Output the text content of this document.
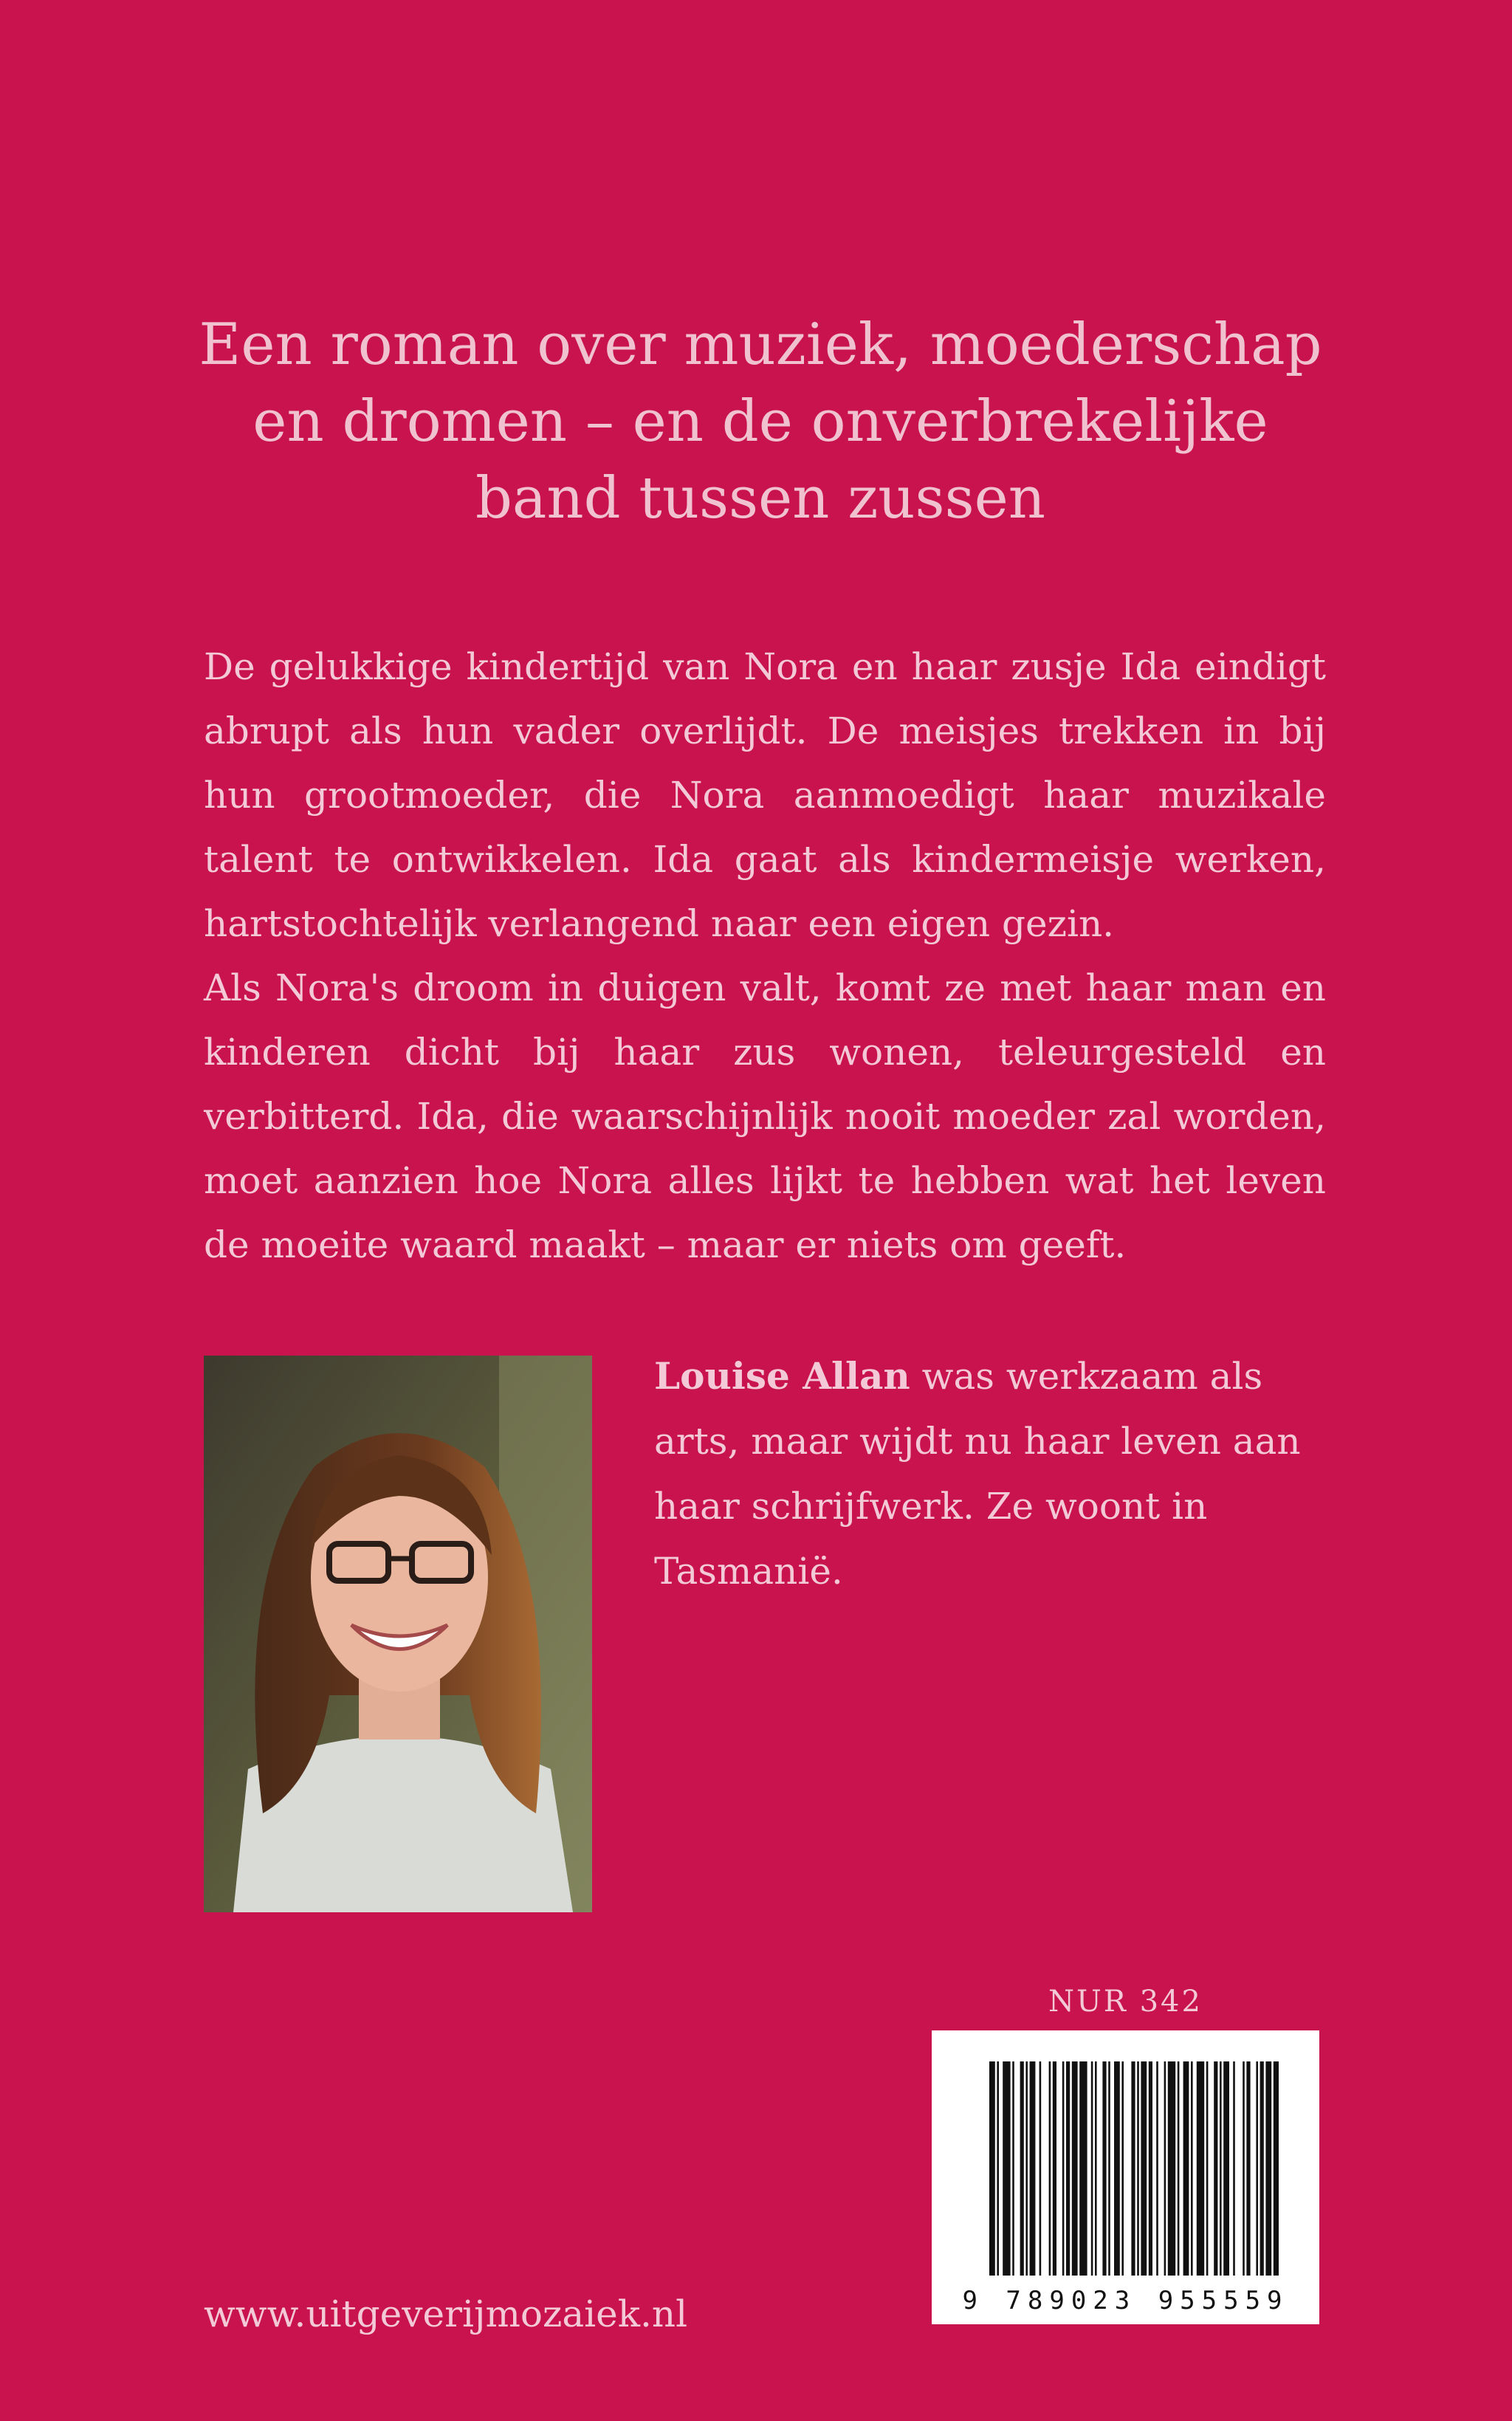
Een roman over muziek, moederschap
en dromen – en de onverbrekelijke
band tussen zussen

De gelukkige kindertijd van Nora en haar zusje Ida eindigt abrupt als hun vader overlijdt. De meisjes trekken in bij hun grootmoeder, die Nora aanmoedigt haar muzikale talent te ontwikkelen. Ida gaat als kindermeisje werken, hartstochtelijk verlangend naar een eigen gezin.

Als Nora's droom in duigen valt, komt ze met haar man en kinderen dicht bij haar zus wonen, teleurgesteld en verbitterd. Ida, die waarschijnlijk nooit moeder zal worden, moet aanzien hoe Nora alles lijkt te hebben wat het leven de moeite waard maakt – maar er niets om geeft.

Louise Allan was werkzaam als arts, maar wijdt nu haar leven aan haar schrijfwerk. Ze woont in Tasmanië.
NUR 342
9 789023 955559
www.uitgeverijmozaiek.nl
